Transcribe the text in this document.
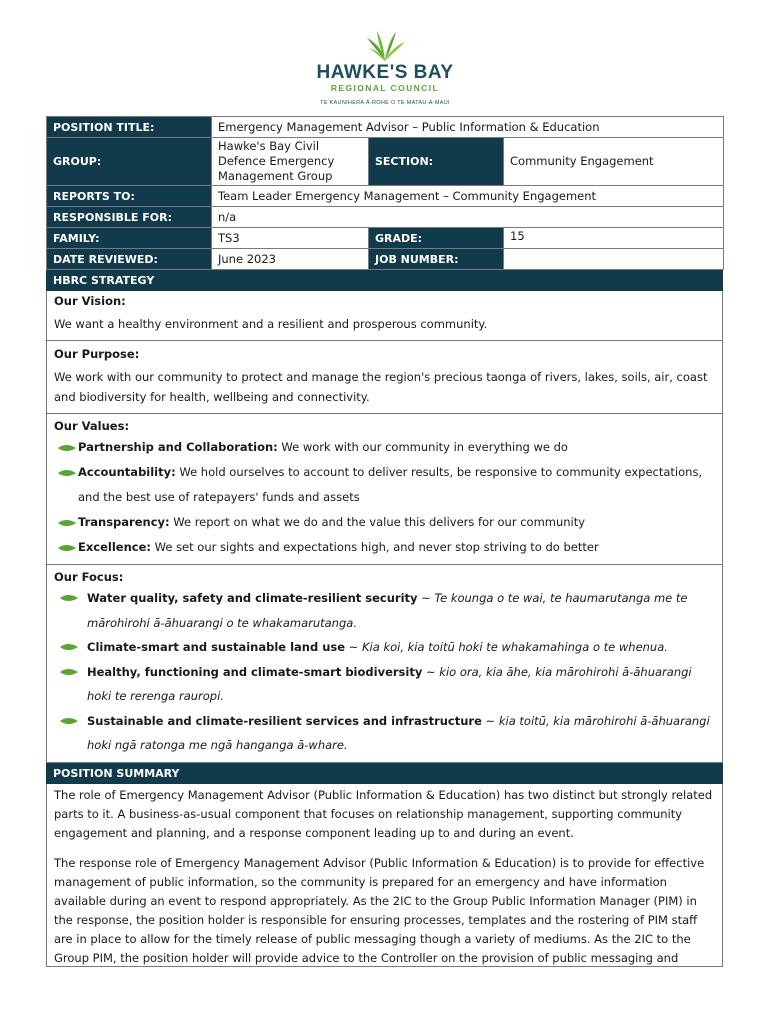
HAWKE'S BAY
REGIONAL COUNCIL
TE KAUNIHERA Ā-ROHE O TE MATAU-A-MAUI
POSITION TITLE:	Emergency Management Advisor – Public Information & Education		
GROUP:	Hawke's Bay Civil Defence Emergency Management Group	SECTION:	Community Engagement
REPORTS TO:	Team Leader Emergency Management – Community Engagement		
RESPONSIBLE FOR:	n/a		
FAMILY:	TS3	GRADE:	15
DATE REVIEWED:	June 2023	JOB NUMBER:	
HBRC STRATEGY
Our Vision:

We want a healthy environment and a resilient and prosperous community.

Our Purpose:

We work with our community to protect and manage the region's precious taonga of rivers, lakes, soils, air, coast and biodiversity for health, wellbeing and connectivity.

Our Values:
Partnership and Collaboration: We work with our community in everything we do
Accountability: We hold ourselves to account to deliver results, be responsive to community expectations, and the best use of ratepayers' funds and assets
Transparency: We report on what we do and the value this delivers for our community
Excellence: We set our sights and expectations high, and never stop striving to do better
Our Focus:
Water quality, safety and climate-resilient security ~ Te kounga o te wai, te haumarutanga me te mārohirohi ā-āhuarangi o te whakamarutanga.
Climate-smart and sustainable land use ~ Kia koi, kia toitū hoki te whakamahinga o te whenua.
Healthy, functioning and climate-smart biodiversity ~ kio ora, kia āhe, kia mārohirohi ā-āhuarangi hoki te rerenga rauropi.
Sustainable and climate-resilient services and infrastructure ~ kia toitū, kia mārohirohi ā-āhuarangi hoki ngā ratonga me ngā hanganga ā-whare.
POSITION SUMMARY

The role of Emergency Management Advisor (Public Information & Education) has two distinct but strongly related parts to it. A business-as-usual component that focuses on relationship management, supporting community engagement and planning, and a response component leading up to and during an event.

The response role of Emergency Management Advisor (Public Information & Education) is to provide for effective management of public information, so the community is prepared for an emergency and have information available during an event to respond appropriately. As the 2IC to the Group Public Information Manager (PIM) in the response, the position holder is responsible for ensuring processes, templates and the rostering of PIM staff are in place to allow for the timely release of public messaging though a variety of mediums. As the 2IC to the Group PIM, the position holder will provide advice to the Controller on the provision of public messaging and
